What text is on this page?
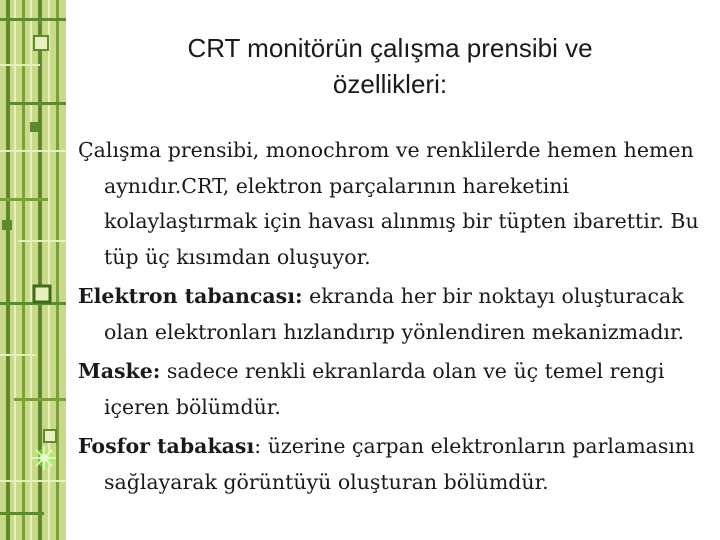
CRT monitörün çalışma prensibi ve
özellikleri:

Çalışma prensibi, monochrom ve renklilerde hemen hemen aynıdır.CRT, elektron parçalarının hareketini kolaylaştırmak için havası alınmış bir tüpten ibarettir. Bu tüp üç kısımdan oluşuyor.

Elektron tabancası: ekranda her bir noktayı oluşturacak olan elektronları hızlandırıp yönlendiren mekanizmadır.

Maske: sadece renkli ekranlarda olan ve üç temel rengi içeren bölümdür.

Fosfor tabakası: üzerine çarpan elektronların parlamasını sağlayarak görüntüyü oluşturan bölümdür.
